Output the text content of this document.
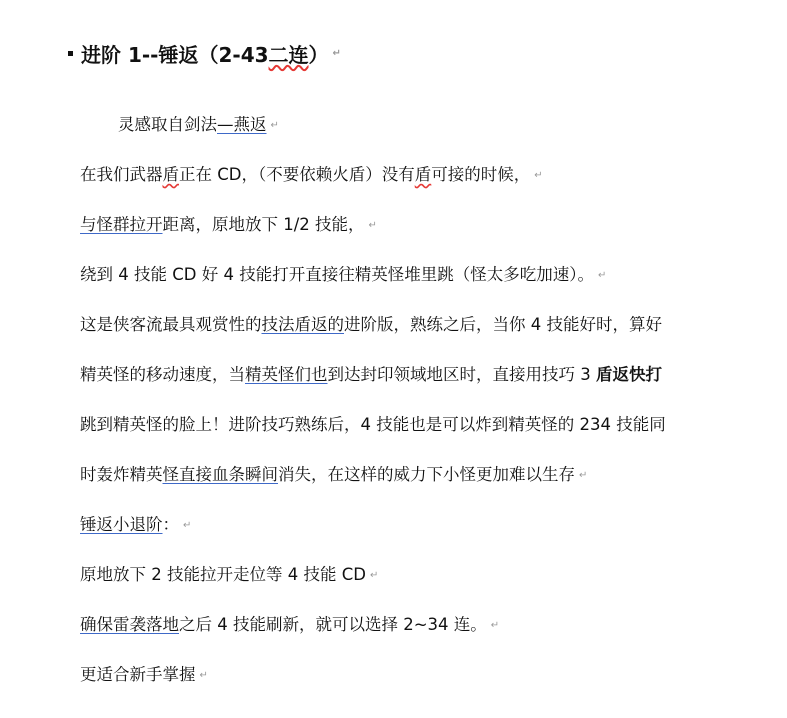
进阶 1--锤返（2-43 二连 ） ↵
灵感取自剑法—燕返 ↵
在我们武器盾正在 CD，（不要依赖火盾）没有盾可接的时候， ↵
与怪群拉开距离，原地放下 1/2 技能， ↵
绕到 4 技能 CD 好 4 技能打开直接往精英怪堆里跳（怪太多吃加速）。 ↵
这是侠客流最具观赏性的技法盾返的进阶版，熟练之后，当你 4 技能好时，算好
精英怪的移动速度，当精英怪们也到达封印领域地区时，直接用技巧 3 盾返快打
跳到精英怪的脸上！进阶技巧熟练后，4 技能也是可以炸到精英怪的 234 技能同
时轰炸精英怪直接血条瞬间消失，在这样的威力下小怪更加难以生存 ↵
锤返小退阶： ↵
原地放下 2 技能拉开走位等 4 技能 CD ↵
确保雷袭落地之后 4 技能刷新，就可以选择 2~34 连。 ↵
更适合新手掌握 ↵
